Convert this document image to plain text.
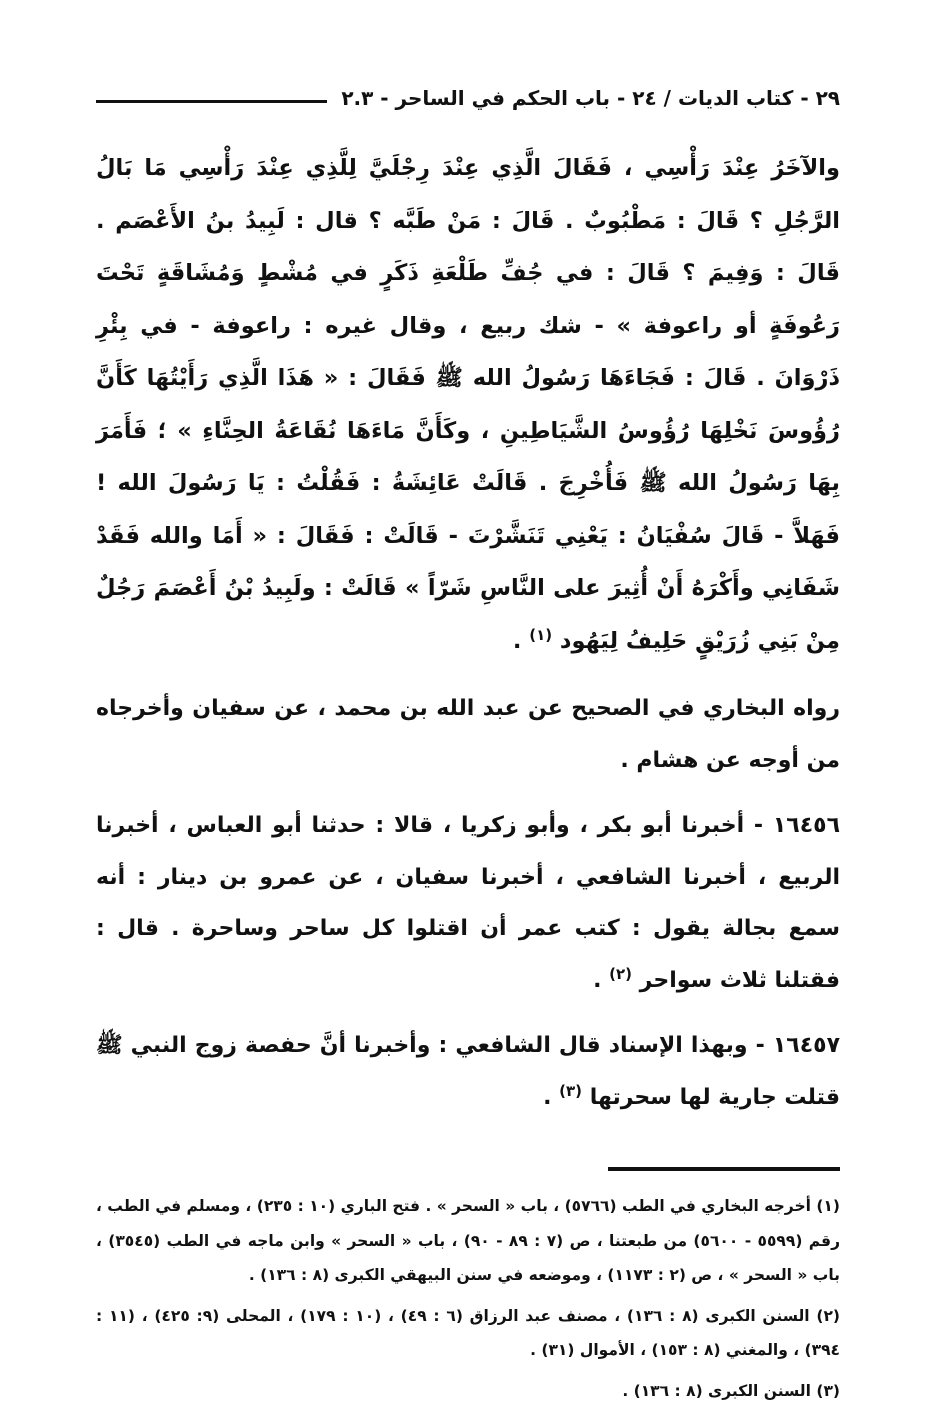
٢٩ - كتاب الديات / ٢٤ - باب الحكم في الساحر - ٢.٣

والآخَرُ عِنْدَ رَأْسِي ، فَقَالَ الَّذِي عِنْدَ رِجْلَيَّ لِلَّذِي عِنْدَ رَأْسِي مَا بَالُ الرَّجُلِ ؟ قَالَ : مَطْبُوبٌ . قَالَ : مَنْ طَبَّه ؟ قال : لَبِيدُ بنُ الأَعْصَم . قَالَ : وَفِيمَ ؟ قَالَ : في جُفِّ طَلْعَةِ ذَكَرٍ في مُشْطٍ وَمُشَاقَةٍ تَحْتَ رَعُوفَةٍ أو راعوفة » - شك ربيع ، وقال غيره : راعوفة - في بِئْرِ ذَرْوَانَ . قَالَ : فَجَاءَهَا رَسُولُ الله ﷺ فَقَالَ : « هَذَا الَّذِي رَأَيْتُهَا كَأَنَّ رُؤُوسَ نَخْلِهَا رُؤُوسُ الشَّيَاطِينِ ، وكَأَنَّ مَاءَهَا نُقَاعَةُ الحِنَّاءِ » ؛ فَأَمَرَ بِهَا رَسُولُ الله ﷺ فَأُخْرِجَ . قَالَتْ عَائِشَةُ : فَقُلْتُ : يَا رَسُولَ الله ! فَهَلاَّ - قَالَ سُفْيَانُ : يَعْنِي تَنَشَّرْتَ - قَالَتْ : فَقَالَ : « أَمَا والله فَقَدْ شَفَانِي وأَكْرَهُ أَنْ أُثِيرَ على النَّاسِ شَرّاً » قَالَتْ : ولَبِيدُ بْنُ أَعْصَمَ رَجُلٌ مِنْ بَنِي زُرَيْقٍ حَلِيفُ لِيَهُود $^{(١)}$ .

رواه البخاري في الصحيح عن عبد الله بن محمد ، عن سفيان وأخرجاه من أوجه عن هشام .

١٦٤٥٦ - أخبرنا أبو بكر ، وأبو زكريا ، قالا : حدثنا أبو العباس ، أخبرنا الربيع ، أخبرنا الشافعي ، أخبرنا سفيان ، عن عمرو بن دينار : أنه سمع بجالة يقول : كتب عمر أن اقتلوا كل ساحر وساحرة . قال : فقتلنا ثلاث سواحر $^{(٢)}$ .

١٦٤٥٧ - وبهذا الإسناد قال الشافعي : وأخبرنا أنَّ حفصة زوج النبي ﷺ قتلت جارية لها سحرتها $^{(٣)}$ .

(١) أخرجه البخاري في الطب (٥٧٦٦) ، باب « السحر » . فتح الباري (١٠ : ٢٣٥) ، ومسلم في الطب ، رقم (٥٥٩٩ - ٥٦٠٠) من طبعتنا ، ص (٧ : ٨٩ - ٩٠) ، باب « السحر » وابن ماجه في الطب (٣٥٤٥) ، باب « السحر » ، ص (٢ : ١١٧٣) ، وموضعه في سنن البيهقي الكبرى (٨ : ١٣٦) .

(٢) السنن الكبرى (٨ : ١٣٦) ، مصنف عبد الرزاق (٦ : ٤٩) ، (١٠ : ١٧٩) ، المحلى (٩: ٤٢٥) ، (١١ : ٣٩٤) ، والمغني (٨ : ١٥٣) ، الأموال (٣١) .

(٣) السنن الكبرى (٨ : ١٣٦) .
